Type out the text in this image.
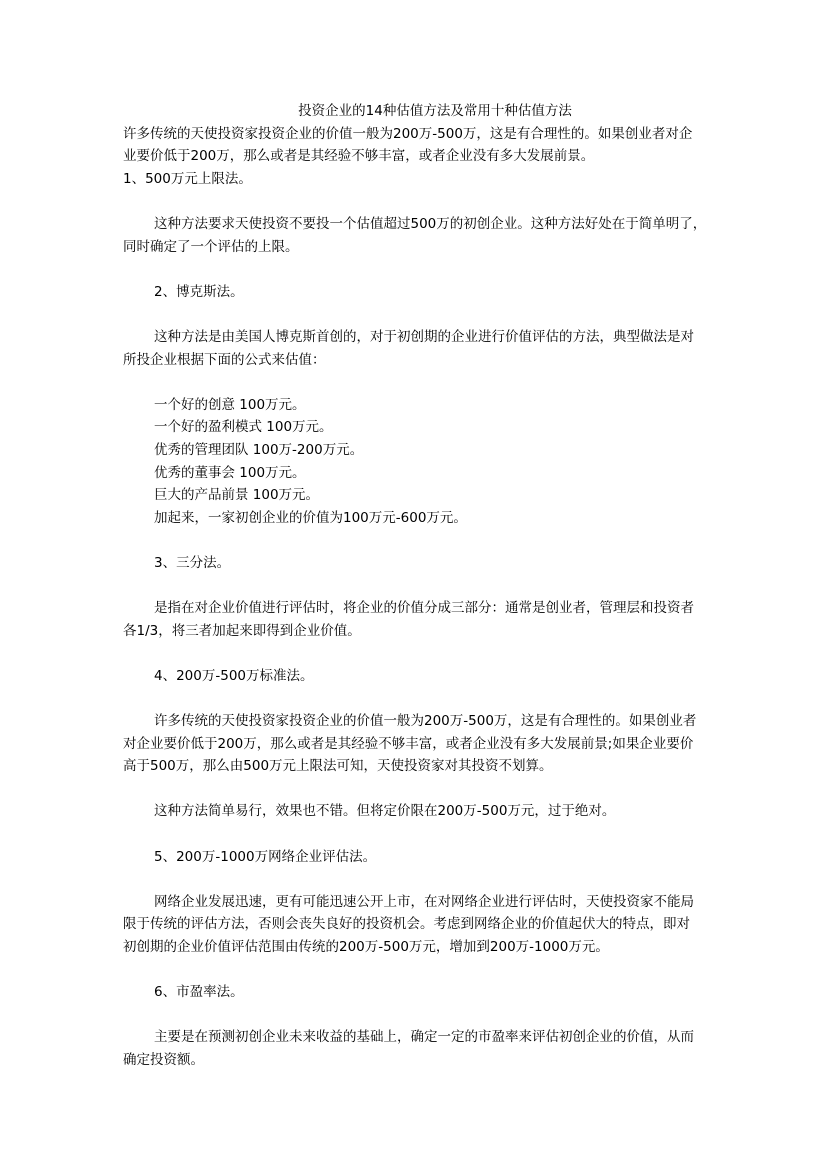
投资企业的14种估值方法及常用十种估值方法

许多传统的天使投资家投资企业的价值一般为200万-500万，这是有合理性的。如果创业者对企

业要价低于200万，那么或者是其经验不够丰富，或者企业没有多大发展前景。

1、500万元上限法。

这种方法要求天使投资不要投一个估值超过500万的初创企业。这种方法好处在于简单明了，

同时确定了一个评估的上限。

2、博克斯法。

这种方法是由美国人博克斯首创的，对于初创期的企业进行价值评估的方法，典型做法是对

所投企业根据下面的公式来估值：

一个好的创意 100万元。

一个好的盈利模式 100万元。

优秀的管理团队 100万-200万元。

优秀的董事会 100万元。

巨大的产品前景 100万元。

加起来，一家初创企业的价值为100万元-600万元。

3、三分法。

是指在对企业价值进行评估时，将企业的价值分成三部分：通常是创业者，管理层和投资者

各1/3，将三者加起来即得到企业价值。

4、200万-500万标准法。

许多传统的天使投资家投资企业的价值一般为200万-500万，这是有合理性的。如果创业者

对企业要价低于200万，那么或者是其经验不够丰富，或者企业没有多大发展前景;如果企业要价

高于500万，那么由500万元上限法可知，天使投资家对其投资不划算。

这种方法简单易行，效果也不错。但将定价限在200万-500万元，过于绝对。

5、200万-1000万网络企业评估法。

网络企业发展迅速，更有可能迅速公开上市，在对网络企业进行评估时，天使投资家不能局

限于传统的评估方法，否则会丧失良好的投资机会。考虑到网络企业的价值起伏大的特点，即对

初创期的企业价值评估范围由传统的200万-500万元，增加到200万-1000万元。

6、市盈率法。

主要是在预测初创企业未来收益的基础上，确定一定的市盈率来评估初创企业的价值，从而

确定投资额。
